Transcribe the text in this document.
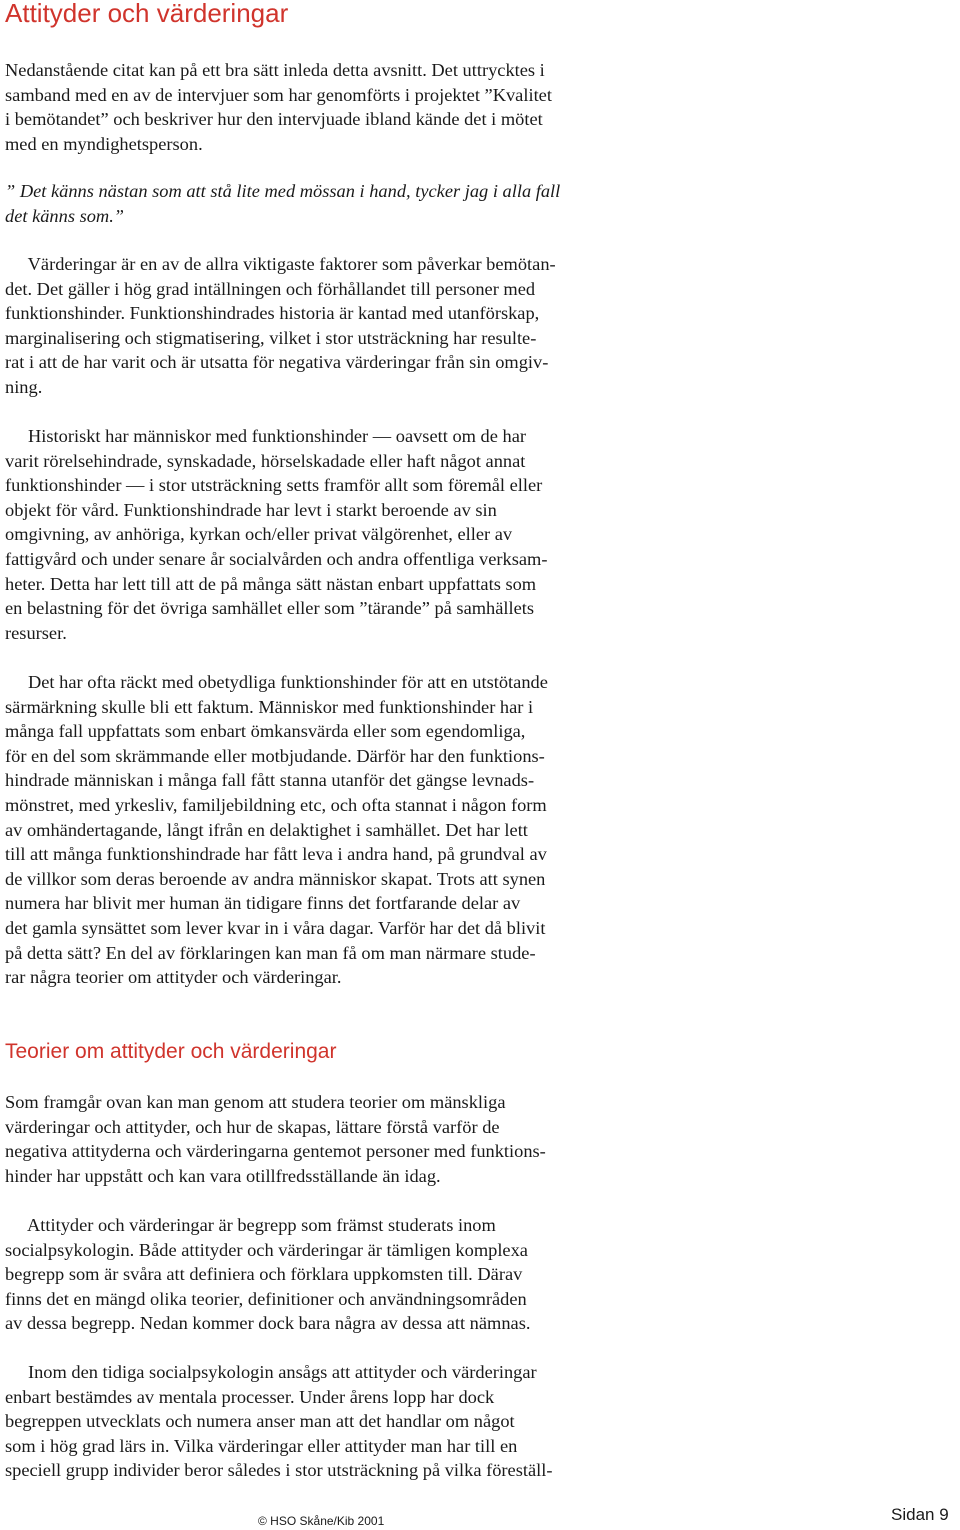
Attityder och värderingar
Nedanstående citat kan på ett bra sätt inleda detta avsnitt. Det uttrycktes i
samband med en av de intervjuer som har genomförts i projektet ”Kvalitet
i bemötandet” och beskriver hur den intervjuade ibland kände det i mötet
med en myndighetsperson.
” Det känns nästan som att stå lite med mössan i hand, tycker jag i alla fall
det känns som.”
  Värderingar är en av de allra viktigaste faktorer som påverkar bemötan-
det. Det gäller i hög grad intällningen och förhållandet till personer med
funktionshinder. Funktionshindrades historia är kantad med utanförskap,
marginalisering och stigmatisering, vilket i stor utsträckning har resulte-
rat i att de har varit och är utsatta för negativa värderingar från sin omgiv-
ning.
  Historiskt har människor med funktionshinder — oavsett om de har
varit rörelsehindrade, synskadade, hörselskadade eller haft något annat
funktionshinder — i stor utsträckning setts framför allt som föremål eller
objekt för vård. Funktionshindrade har levt i starkt beroende av sin
omgivning, av anhöriga, kyrkan och/eller privat välgörenhet, eller av
fattigvård och under senare år socialvården och andra offentliga verksam-
heter. Detta har lett till att de på många sätt nästan enbart uppfattats som
en belastning för det övriga samhället eller som ”tärande” på samhällets
resurser.
  Det har ofta räckt med obetydliga funktionshinder för att en utstötande
särmärkning skulle bli ett faktum. Människor med funktionshinder har i
många fall uppfattats som enbart ömkansvärda eller som egendomliga,
för en del som skrämmande eller motbjudande. Därför har den funktions-
hindrade människan i många fall fått stanna utanför det gängse levnads-
mönstret, med yrkesliv, familjebildning etc, och ofta stannat i någon form
av omhändertagande, långt ifrån en delaktighet i samhället. Det har lett
till att många funktionshindrade har fått leva i andra hand, på grundval av
de villkor som deras beroende av andra människor skapat. Trots att synen
numera har blivit mer human än tidigare finns det fortfarande delar av
det gamla synsättet som lever kvar in i våra dagar. Varför har det då blivit
på detta sätt? En del av förklaringen kan man få om man närmare stude-
rar några teorier om attityder och värderingar.
Teorier om attityder och värderingar
Som framgår ovan kan man genom att studera teorier om mänskliga
värderingar och attityder, och hur de skapas, lättare förstå varför de
negativa attityderna och värderingarna gentemot personer med funktions-
hinder har uppstått och kan vara otillfredsställande än idag.
  Attityder och värderingar är begrepp som främst studerats inom
socialpsykologin. Både attityder och värderingar är tämligen komplexa
begrepp som är svåra att definiera och förklara uppkomsten till. Därav
finns det en mängd olika teorier, definitioner och användningsområden
av dessa begrepp. Nedan kommer dock bara några av dessa att nämnas.
  Inom den tidiga socialpsykologin ansågs att attityder och värderingar
enbart bestämdes av mentala processer. Under årens lopp har dock
begreppen utvecklats och numera anser man att det handlar om något
som i hög grad lärs in. Vilka värderingar eller attityder man har till en
speciell grupp individer beror således i stor utsträckning på vilka föreställ-
© HSO Skåne/Kib 2001	Sidan 9
